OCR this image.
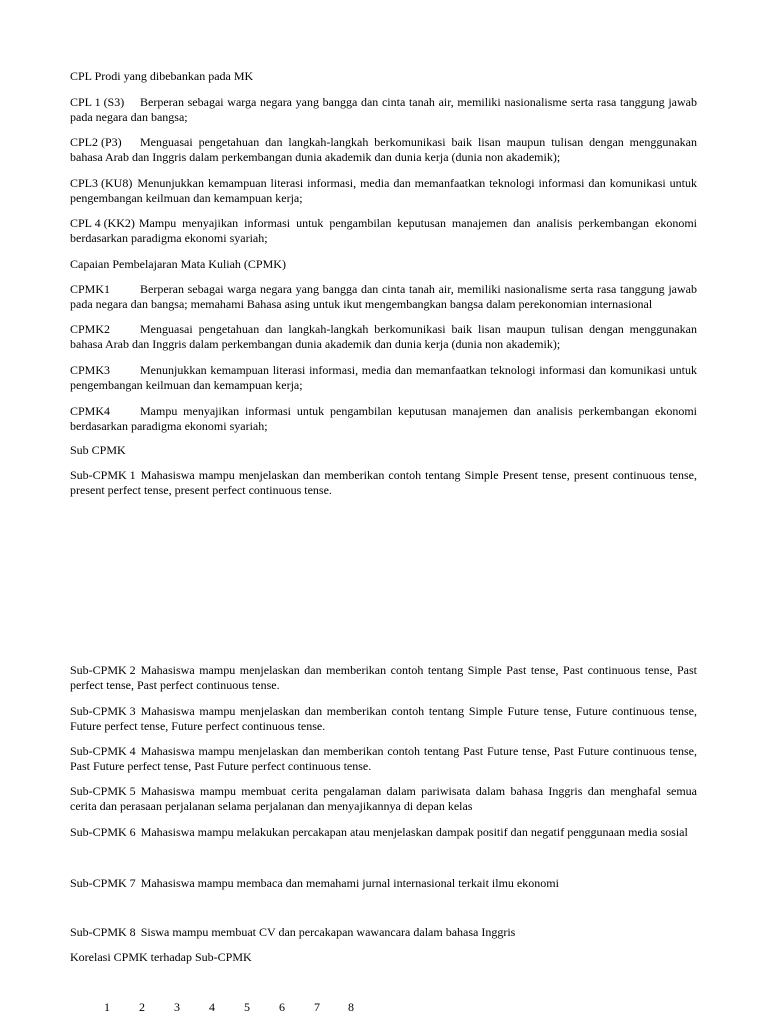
CPL Prodi yang dibebankan pada MK
CPL 1 (S3) Berperan sebagai warga negara yang bangga dan cinta tanah air, memiliki nasionalisme serta rasa tanggung jawab pada negara dan bangsa;
CPL2 (P3) Menguasai pengetahuan dan langkah-langkah berkomunikasi baik lisan maupun tulisan dengan menggunakan bahasa Arab dan Inggris dalam perkembangan dunia akademik dan dunia kerja (dunia non akademik);
CPL3 (KU8) Menunjukkan kemampuan literasi informasi, media dan memanfaatkan teknologi informasi dan komunikasi untuk pengembangan keilmuan dan kemampuan kerja;
CPL 4 (KK2) Mampu menyajikan informasi untuk pengambilan keputusan manajemen dan analisis perkembangan ekonomi berdasarkan paradigma ekonomi syariah;
Capaian Pembelajaran Mata Kuliah (CPMK)
CPMK1 Berperan sebagai warga negara yang bangga dan cinta tanah air, memiliki nasionalisme serta rasa tanggung jawab pada negara dan bangsa; memahami Bahasa asing untuk ikut mengembangkan bangsa dalam perekonomian internasional
CPMK2 Menguasai pengetahuan dan langkah-langkah berkomunikasi baik lisan maupun tulisan dengan menggunakan bahasa Arab dan Inggris dalam perkembangan dunia akademik dan dunia kerja (dunia non akademik);
CPMK3 Menunjukkan kemampuan literasi informasi, media dan memanfaatkan teknologi informasi dan komunikasi untuk pengembangan keilmuan dan kemampuan kerja;
CPMK4 Mampu menyajikan informasi untuk pengambilan keputusan manajemen dan analisis perkembangan ekonomi berdasarkan paradigma ekonomi syariah;
Sub CPMK
Sub-CPMK 1 Mahasiswa mampu menjelaskan dan memberikan contoh tentang Simple Present tense, present continuous tense, present perfect tense, present perfect continuous tense.
Sub-CPMK 2 Mahasiswa mampu menjelaskan dan memberikan contoh tentang Simple Past tense, Past continuous tense, Past perfect tense, Past perfect continuous tense.
Sub-CPMK 3 Mahasiswa mampu menjelaskan dan memberikan contoh tentang Simple Future tense, Future continuous tense, Future perfect tense, Future perfect continuous tense.
Sub-CPMK 4 Mahasiswa mampu menjelaskan dan memberikan contoh tentang Past Future tense, Past Future continuous tense, Past Future perfect tense, Past Future perfect continuous tense.
Sub-CPMK 5 Mahasiswa mampu membuat cerita pengalaman dalam pariwisata dalam bahasa Inggris dan menghafal semua cerita dan perasaan perjalanan selama perjalanan dan menyajikannya di depan kelas
Sub-CPMK 6 Mahasiswa mampu melakukan percakapan atau menjelaskan dampak positif dan negatif penggunaan media sosial
Sub-CPMK 7 Mahasiswa mampu membaca dan memahami jurnal internasional terkait ilmu ekonomi
Sub-CPMK 8 Siswa mampu membuat CV dan percakapan wawancara dalam bahasa Inggris
Korelasi CPMK terhadap Sub-CPMK
1 2 3 4 5 6 7 8
